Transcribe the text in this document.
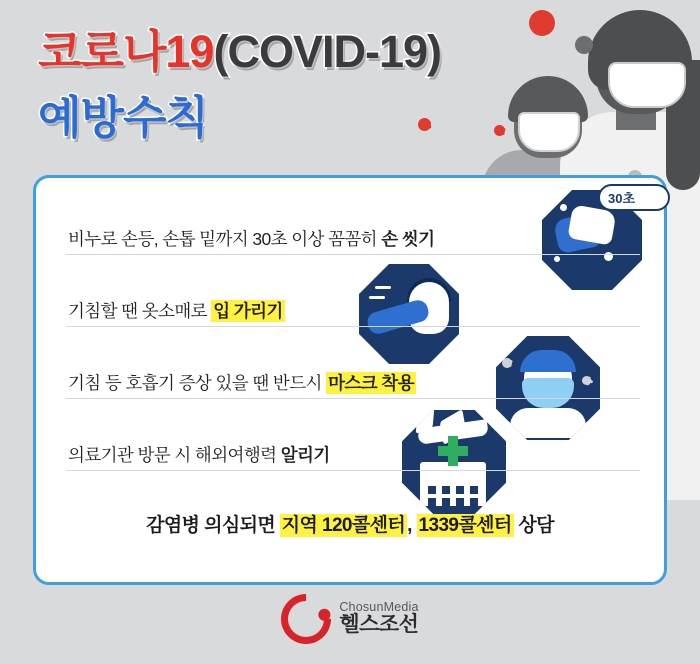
코로나19(COVID-19)
예방수칙
비누로 손등, 손톱 밑까지 30초 이상 꼼꼼히 손 씻기
30초
기침할 땐 옷소매로 입 가리기
기침 등 호흡기 증상 있을 땐 반드시 마스크 착용
의료기관 방문 시 해외여행력 알리기
감염병 의심되면 지역 120콜센터 , 1339콜센터 상담
ChosunMedia
헬스조선
